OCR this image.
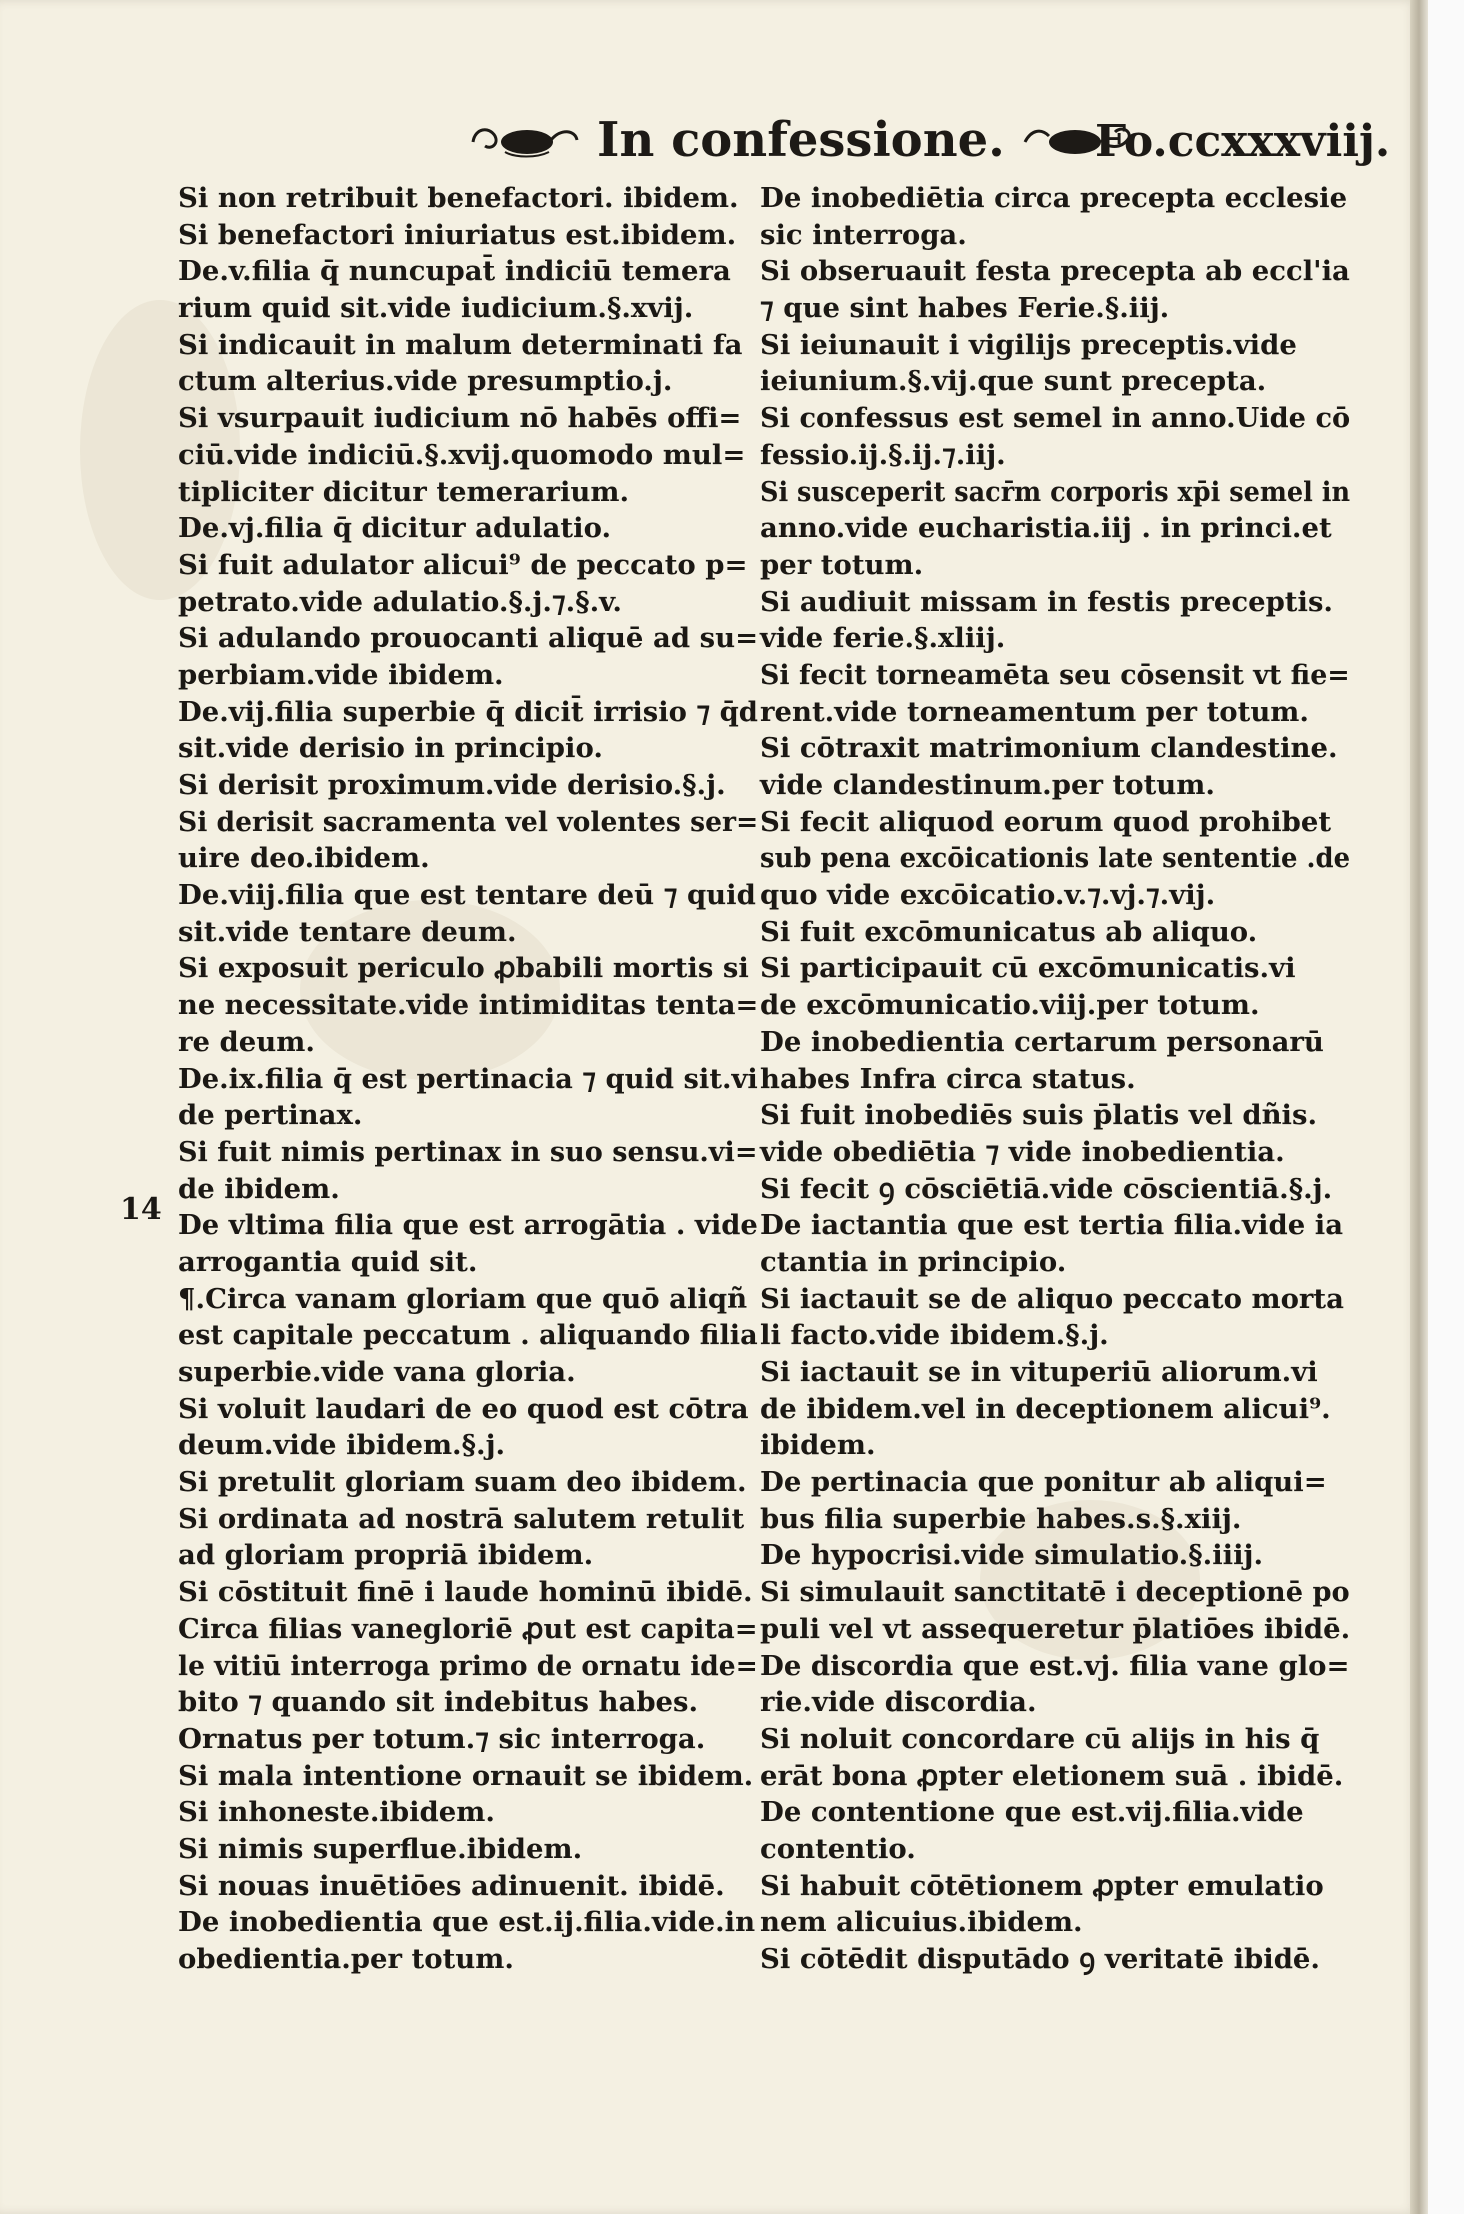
In confessione. Fo.ccxxxviij.
14
Si non retribuit benefactori. ibidem.
Si benefactori iniuriatus est.ibidem.
De.v.filia q̄ nuncupat̄ indiciū temera
rium quid sit.vide iudicium.§.xvij.
Si indicauit in malum determinati fa
ctum alterius.vide presumptio.j.
Si vsurpauit iudicium nō habēs offi=
ciū.vide indiciū.§.xvij.quomodo mul=
tipliciter dicitur temerarium.
De.vj.filia q̄ dicitur adulatio.
Si fuit adulator alicui⁹ de peccato p=
petrato.vide adulatio.§.j.⁊.§.v.
Si adulando prouocanti aliquē ad su=
perbiam.vide ibidem.
De.vij.filia superbie q̄ dicit̄ irrisio ⁊ q̄d
sit.vide derisio in principio.
Si derisit proximum.vide derisio.§.j.
Si derisit sacramenta vel volentes ser=
uire deo.ibidem.
De.viij.filia que est tentare deū ⁊ quid
sit.vide tentare deum.
Si exposuit periculo ꝓbabili mortis si
ne necessitate.vide intimiditas tenta=
re deum.
De.ix.filia q̄ est pertinacia ⁊ quid sit.vi
de pertinax.
Si fuit nimis pertinax in suo sensu.vi=
de ibidem.
De vltima filia que est arrogātia . vide
arrogantia quid sit.
¶.Circa vanam gloriam que quō aliqñ
est capitale peccatum . aliquando filia
superbie.vide vana gloria.
Si voluit laudari de eo quod est cōtra
deum.vide ibidem.§.j.
Si pretulit gloriam suam deo ibidem.
Si ordinata ad nostrā salutem retulit
ad gloriam propriā ibidem.
Si cōstituit finē i laude hominū ibidē.
Circa filias vanegloriē ꝓut est capita=
le vitiū interroga primo de ornatu ide=
bito ⁊ quando sit indebitus habes.
Ornatus per totum.⁊ sic interroga.
Si mala intentione ornauit se ibidem.
Si inhoneste.ibidem.
Si nimis superflue.ibidem.
Si nouas inuētiōes adinuenit. ibidē.
De inobedientia que est.ij.filia.vide.in
obedientia.per totum.
De inobediētia circa precepta ecclesie
sic interroga.
Si obseruauit festa precepta ab eccl'ia
⁊ que sint habes Ferie.§.iij.
Si ieiunauit i vigilijs preceptis.vide
ieiunium.§.vij.que sunt precepta.
Si confessus est semel in anno.Uide cō
fessio.ij.§.ij.⁊.iij.
Si susceperit sacr̄m corporis xp̄i semel in
anno.vide eucharistia.iij . in princi.et
per totum.
Si audiuit missam in festis preceptis.
vide ferie.§.xliij.
Si fecit torneamēta seu cōsensit vt fie=
rent.vide torneamentum per totum.
Si cōtraxit matrimonium clandestine.
vide clandestinum.per totum.
Si fecit aliquod eorum quod prohibet
sub pena excōicationis late sententie .de
quo vide excōicatio.v.⁊.vj.⁊.vij.
Si fuit excōmunicatus ab aliquo.
Si participauit cū excōmunicatis.vi
de excōmunicatio.viij.per totum.
De inobedientia certarum personarū
habes Infra circa status.
Si fuit inobediēs suis p̄latis vel dñis.
vide obediētia ⁊ vide inobedientia.
Si fecit ꝯ cōsciētiā.vide cōscientiā.§.j.
De iactantia que est tertia filia.vide ia
ctantia in principio.
Si iactauit se de aliquo peccato morta
li facto.vide ibidem.§.j.
Si iactauit se in vituperiū aliorum.vi
de ibidem.vel in deceptionem alicui⁹.
ibidem.
De pertinacia que ponitur ab aliqui=
bus filia superbie habes.s.§.xiij.
De hypocrisi.vide simulatio.§.iiij.
Si simulauit sanctitatē i deceptionē po
puli vel vt assequeretur p̄latiōes ibidē.
De discordia que est.vj. filia vane glo=
rie.vide discordia.
Si noluit concordare cū alijs in his q̄
erāt bona ꝓpter eletionem suā . ibidē.
De contentione que est.vij.filia.vide
contentio.
Si habuit cōtētionem ꝓpter emulatio
nem alicuius.ibidem.
Si cōtēdit disputādo ꝯ veritatē ibidē.
